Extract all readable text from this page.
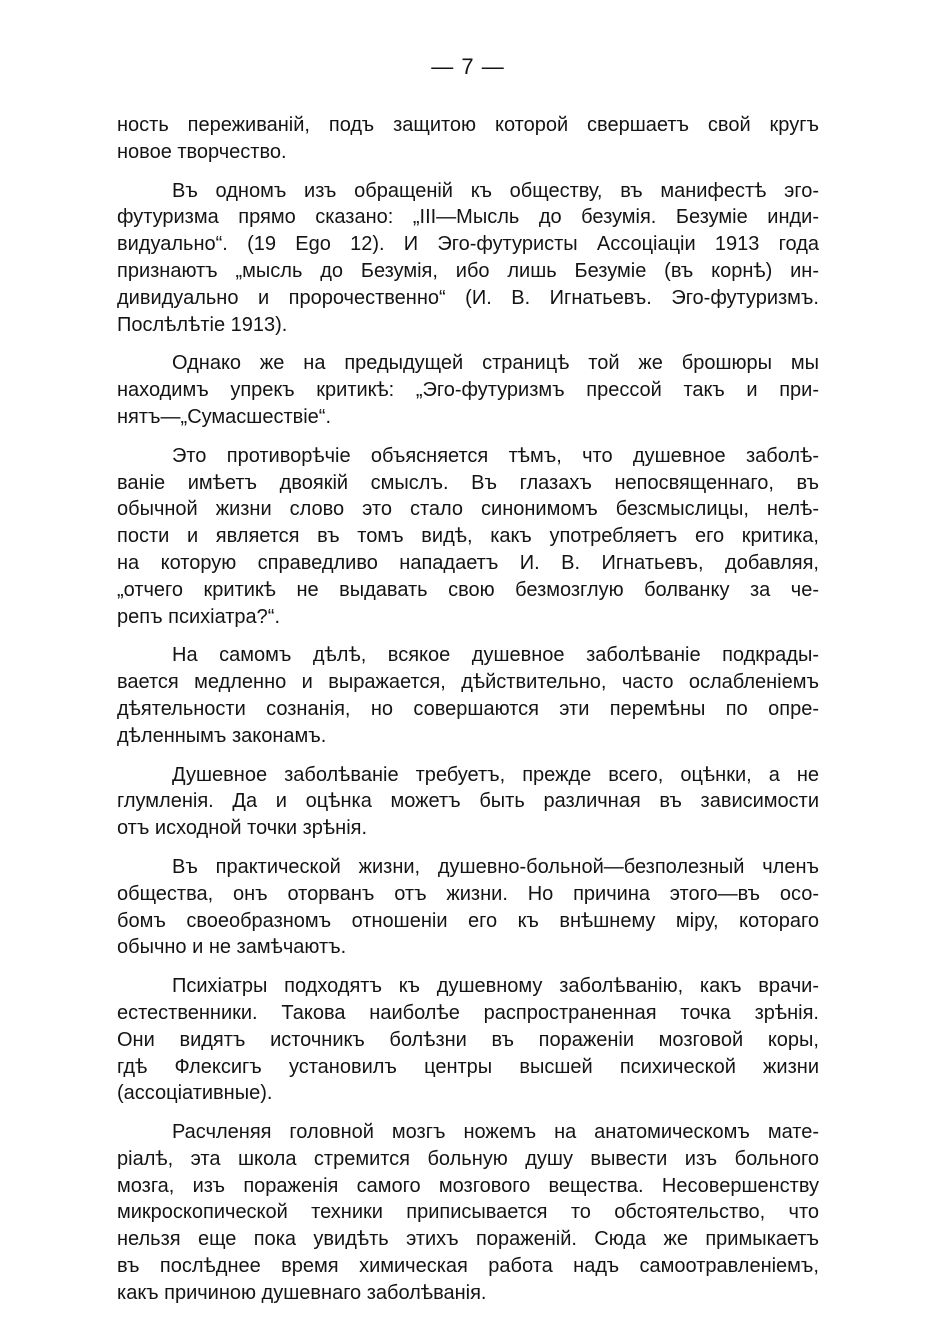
— 7 —
ность переживаній, подъ защитою которой свершаетъ свой кругъ
новое творчество.
Въ одномъ изъ обращеній къ обществу, въ манифестѣ эго-
футуризма прямо сказано: „III—Мысль до безумія. Безуміе инди-
видуально“. (19 Ego 12). И Эго-футуристы Ассоціаціи 1913 года
признаютъ „мысль до Безумія, ибо лишь Безуміе (въ корнѣ) ин-
дивидуально и пророчественно“ (И. В. Игнатьевъ. Эго-футуризмъ.
Послѣлѣтіе 1913).
Однако же на предыдущей страницѣ той же брошюры мы
находимъ упрекъ критикѣ: „Эго-футуризмъ прессой такъ и при-
нятъ—„Сумасшествіе“.
Это противорѣчіе объясняется тѣмъ, что душевное заболѣ-
ваніе имѣетъ двоякій смыслъ. Въ глазахъ непосвященнаго, въ
обычной жизни слово это стало синонимомъ безсмыслицы, нелѣ-
пости и является въ томъ видѣ, какъ употребляетъ его критика,
на которую справедливо нападаетъ И. В. Игнатьевъ, добавляя,
„отчего критикѣ не выдавать свою безмозглую болванку за че-
репъ психіатра?“.
На самомъ дѣлѣ, всякое душевное заболѣваніе подкрады-
вается медленно и выражается, дѣйствительно, часто ослабленіемъ
дѣятельности сознанія, но совершаются эти перемѣны по опре-
дѣленнымъ законамъ.
Душевное заболѣваніе требуетъ, прежде всего, оцѣнки, а не
глумленія. Да и оцѣнка можетъ быть различная въ зависимости
отъ исходной точки зрѣнія.
Въ практической жизни, душевно-больной—безполезный членъ
общества, онъ оторванъ отъ жизни. Но причина этого—въ осо-
бомъ своеобразномъ отношеніи его къ внѣшнему міру, котораго
обычно и не замѣчаютъ.
Психіатры подходятъ къ душевному заболѣванію, какъ врачи-
естественники. Такова наиболѣе распространенная точка зрѣнія.
Они видятъ источникъ болѣзни въ пораженіи мозговой коры,
гдѣ Флексигъ установилъ центры высшей психической жизни
(ассоціативные).
Расчленяя головной мозгъ ножемъ на анатомическомъ мате-
ріалѣ, эта школа стремится больную душу вывести изъ больного
мозга, изъ пораженія самого мозгового вещества. Несовершенству
микроскопической техники приписывается то обстоятельство, что
нельзя еще пока увидѣть этихъ пораженій. Сюда же примыкаетъ
въ послѣднее время химическая работа надъ самоотравленіемъ,
какъ причиною душевнаго заболѣванія.
